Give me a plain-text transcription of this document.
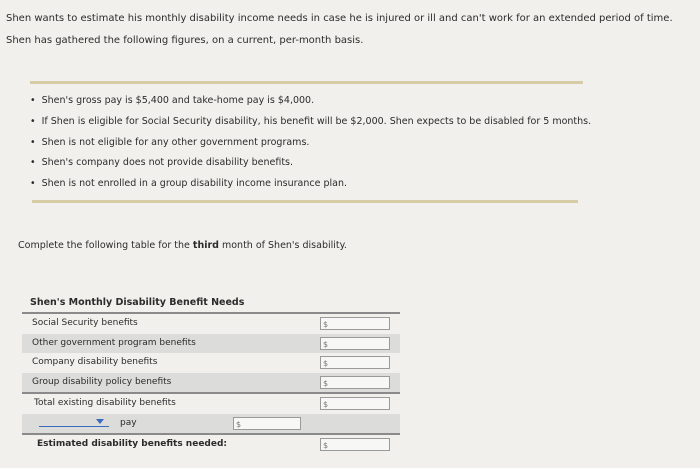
Shen wants to estimate his monthly disability income needs in case he is injured or ill and can't work for an extended period of time. Shen has gathered the following figures, on a current, per-month basis.
• Shen's gross pay is $5,400 and take-home pay is $4,000.
• If Shen is eligible for Social Security disability, his benefit will be $2,000. Shen expects to be disabled for 5 months.
• Shen is not eligible for any other government programs.
• Shen's company does not provide disability benefits.
• Shen is not enrolled in a group disability income insurance plan.
Complete the following table for the third month of Shen's disability.
Shen's Monthly Disability Benefit Needs
Social Security benefits	$
Other government program benefits	$
Company disability benefits	$
Group disability policy benefits	$
Total existing disability benefits	$
pay	$
Estimated disability benefits needed:	$
